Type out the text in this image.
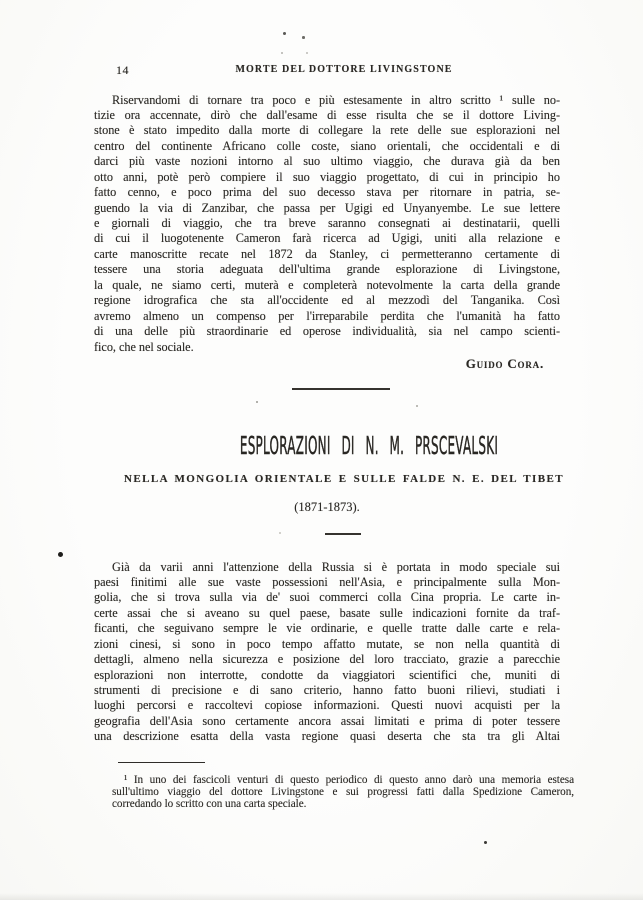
14	MORTE DEL DOTTORE LIVINGSTONE
Riservandomi di tornare tra poco e più estesamente in altro scritto ¹ sulle no-
tizie ora accennate, dirò che dall'esame di esse risulta che se il dottore Living-
stone è stato impedito dalla morte di collegare la rete delle sue esplorazioni nel
centro del continente Africano colle coste, siano orientali, che occidentali e di
darci più vaste nozioni intorno al suo ultimo viaggio, che durava già da ben
otto anni, potè però compiere il suo viaggio progettato, di cui in principio ho
fatto cenno, e poco prima del suo decesso stava per ritornare in patria, se-
guendo la via di Zanzibar, che passa per Ugigi ed Unyanyembe. Le sue lettere
e giornali di viaggio, che tra breve saranno consegnati ai destinatarii, quelli
di cui il luogotenente Cameron farà ricerca ad Ugigi, uniti alla relazione e
carte manoscritte recate nel 1872 da Stanley, ci permetteranno certamente di
tessere una storia adeguata dell'ultima grande esplorazione di Livingstone,
la quale, ne siamo certi, muterà e completerà notevolmente la carta della grande
regione idrografica che sta all'occidente ed al mezzodì del Tanganika. Così
avremo almeno un compenso per l'irreparabile perdita che l'umanità ha fatto
di una delle più straordinarie ed operose individualità, sia nel campo scienti-
fico, che nel sociale.
Guido Cora.
ESPLORAZIONI DI N. M. PRSCEVALSKI
NELLA MONGOLIA ORIENTALE E SULLE FALDE N. E. DEL TIBET
(1871-1873).
Già da varii anni l'attenzione della Russia si è portata in modo speciale sui
paesi finitimi alle sue vaste possessioni nell'Asia, e principalmente sulla Mon-
golia, che si trova sulla via de' suoi commerci colla Cina propria. Le carte in-
certe assai che si aveano su quel paese, basate sulle indicazioni fornite da traf-
ficanti, che seguivano sempre le vie ordinarie, e quelle tratte dalle carte e rela-
zioni cinesi, si sono in poco tempo affatto mutate, se non nella quantità di
dettagli, almeno nella sicurezza e posizione del loro tracciato, grazie a parecchie
esplorazioni non interrotte, condotte da viaggiatori scientifici che, muniti di
strumenti di precisione e di sano criterio, hanno fatto buoni rilievi, studiati i
luoghi percorsi e raccoltevi copiose informazioni. Questi nuovi acquisti per la
geografia dell'Asia sono certamente ancora assai limitati e prima di poter tessere
una descrizione esatta della vasta regione quasi deserta che sta tra gli Altai
¹ In uno dei fascicoli venturi di questo periodico di questo anno darò una memoria estesa
sull'ultimo viaggio del dottore Livingstone e sui progressi fatti dalla Spedizione Cameron,
corredando lo scritto con una carta speciale.
